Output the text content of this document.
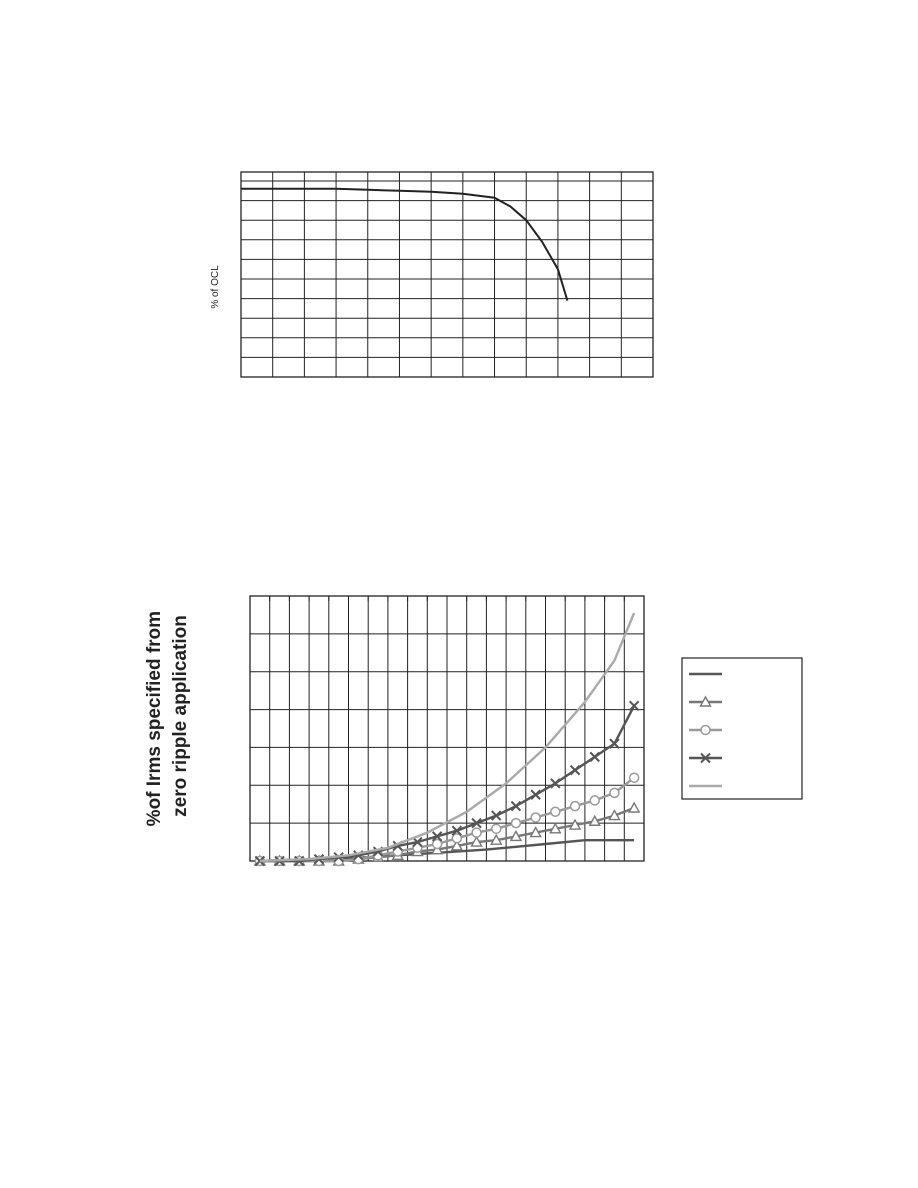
% of OCL
%of Irms specified from zero ripple application
